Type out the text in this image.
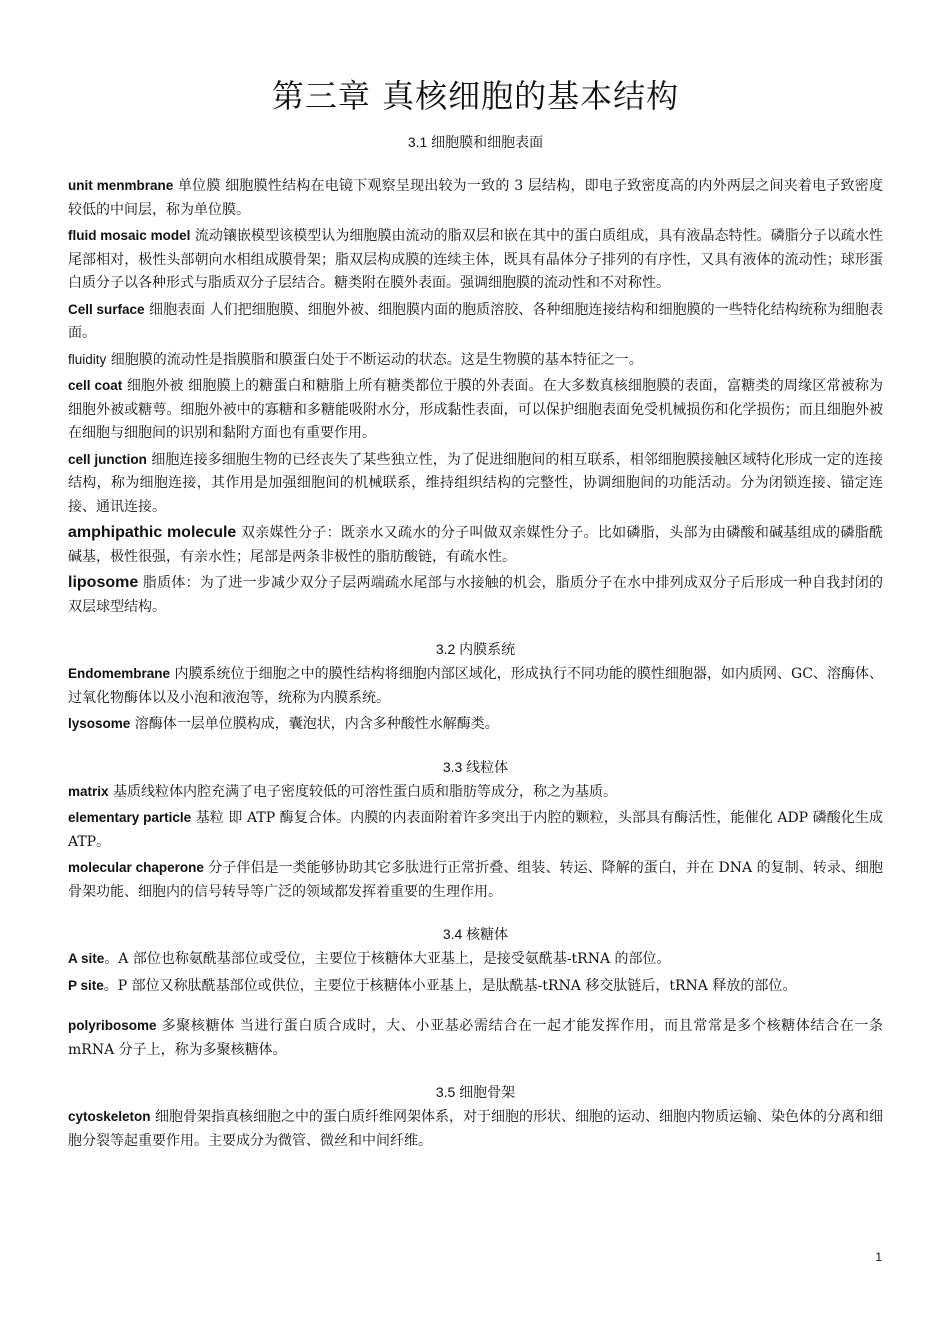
第三章 真核细胞的基本结构
3.1 细胞膜和细胞表面

unit menmbrane 单位膜 细胞膜性结构在电镜下观察呈现出较为一致的 3 层结构，即电子致密度高的内外两层之间夹着电子致密度较低的中间层，称为单位膜。

fluid mosaic model 流动镶嵌模型该模型认为细胞膜由流动的脂双层和嵌在其中的蛋白质组成，具有液晶态特性。磷脂分子以疏水性尾部相对，极性头部朝向水相组成膜骨架；脂双层构成膜的连续主体，既具有晶体分子排列的有序性，又具有液体的流动性；球形蛋白质分子以各种形式与脂质双分子层结合。糖类附在膜外表面。强调细胞膜的流动性和不对称性。

Cell surface 细胞表面 人们把细胞膜、细胞外被、细胞膜内面的胞质溶胶、各种细胞连接结构和细胞膜的一些特化结构统称为细胞表面。

fluidity 细胞膜的流动性是指膜脂和膜蛋白处于不断运动的状态。这是生物膜的基本特征之一。

cell coat 细胞外被 细胞膜上的糖蛋白和糖脂上所有糖类都位于膜的外表面。在大多数真核细胞膜的表面，富糖类的周缘区常被称为细胞外被或糖萼。细胞外被中的寡糖和多糖能吸附水分，形成黏性表面，可以保护细胞表面免受机械损伤和化学损伤；而且细胞外被在细胞与细胞间的识别和黏附方面也有重要作用。

cell junction 细胞连接多细胞生物的已经丧失了某些独立性，为了促进细胞间的相互联系，相邻细胞膜接触区域特化形成一定的连接结构，称为细胞连接，其作用是加强细胞间的机械联系，维持组织结构的完整性，协调细胞间的功能活动。分为闭锁连接、锚定连接、通讯连接。

amphipathic molecule 双亲媒性分子：既亲水又疏水的分子叫做双亲媒性分子。比如磷脂，头部为由磷酸和碱基组成的磷脂酰碱基，极性很强，有亲水性；尾部是两条非极性的脂肪酸链，有疏水性。

liposome 脂质体：为了进一步减少双分子层两端疏水尾部与水接触的机会，脂质分子在水中排列成双分子后形成一种自我封闭的双层球型结构。

3.2 内膜系统

Endomembrane 内膜系统位于细胞之中的膜性结构将细胞内部区域化，形成执行不同功能的膜性细胞器，如内质网、GC、溶酶体、过氧化物酶体以及小泡和液泡等，统称为内膜系统。

lysosome 溶酶体一层单位膜构成，囊泡状，内含多种酸性水解酶类。

3.3 线粒体

matrix 基质线粒体内腔充满了电子密度较低的可溶性蛋白质和脂肪等成分，称之为基质。

elementary particle 基粒 即 ATP 酶复合体。内膜的内表面附着许多突出于内腔的颗粒，头部具有酶活性，能催化 ADP 磷酸化生成 ATP。

molecular chaperone 分子伴侣是一类能够协助其它多肽进行正常折叠、组装、转运、降解的蛋白，并在 DNA 的复制、转录、细胞骨架功能、细胞内的信号转导等广泛的领域都发挥着重要的生理作用。

3.4 核糖体

A site。A 部位也称氨酰基部位或受位，主要位于核糖体大亚基上，是接受氨酰基-tRNA 的部位。

P site。P 部位又称肽酰基部位或供位，主要位于核糖体小亚基上，是肽酰基-tRNA 移交肽链后，tRNA 释放的部位。

polyribosome 多聚核糖体 当进行蛋白质合成时，大、小亚基必需结合在一起才能发挥作用，而且常常是多个核糖体结合在一条 mRNA 分子上，称为多聚核糖体。

3.5 细胞骨架

cytoskeleton 细胞骨架指真核细胞之中的蛋白质纤维网架体系，对于细胞的形状、细胞的运动、细胞内物质运输、染色体的分离和细胞分裂等起重要作用。主要成分为微管、微丝和中间纤维。

1
